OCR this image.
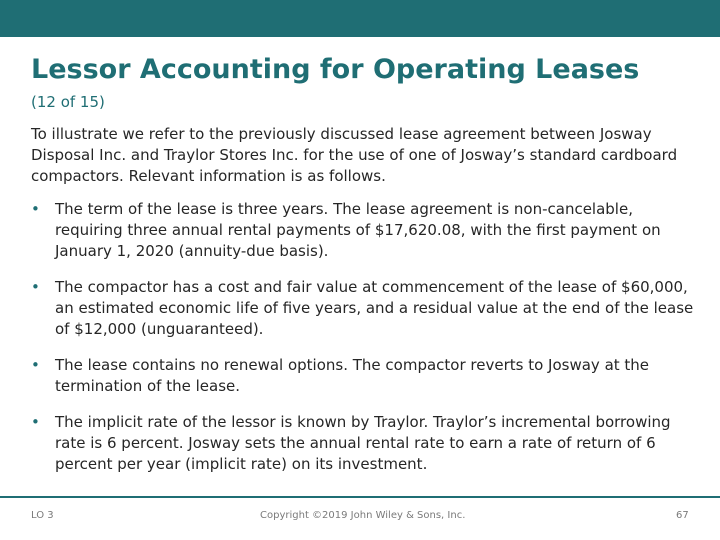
Lessor Accounting for Operating Leases
(12 of 15)

To illustrate we refer to the previously discussed lease agreement between Josway Disposal Inc. and Traylor Stores Inc. for the use of one of Josway’s standard cardboard compactors. Relevant information is as follows.

•	The term of the lease is three years. The lease agreement is non-cancelable, requiring three annual rental payments of $17,620.08, with the first payment on January 1, 2020 (annuity-due basis).
•	The compactor has a cost and fair value at commencement of the lease of $60,000, an estimated economic life of five years, and a residual value at the end of the lease of $12,000 (unguaranteed).
•	The lease contains no renewal options. The compactor reverts to Josway at the termination of the lease.
•	The implicit rate of the lessor is known by Traylor. Traylor’s incremental borrowing rate is 6 percent. Josway sets the annual rental rate to earn a rate of return of 6 percent per year (implicit rate) on its investment.
LO 3	Copyright ©2019 John Wiley & Sons, Inc.	67
